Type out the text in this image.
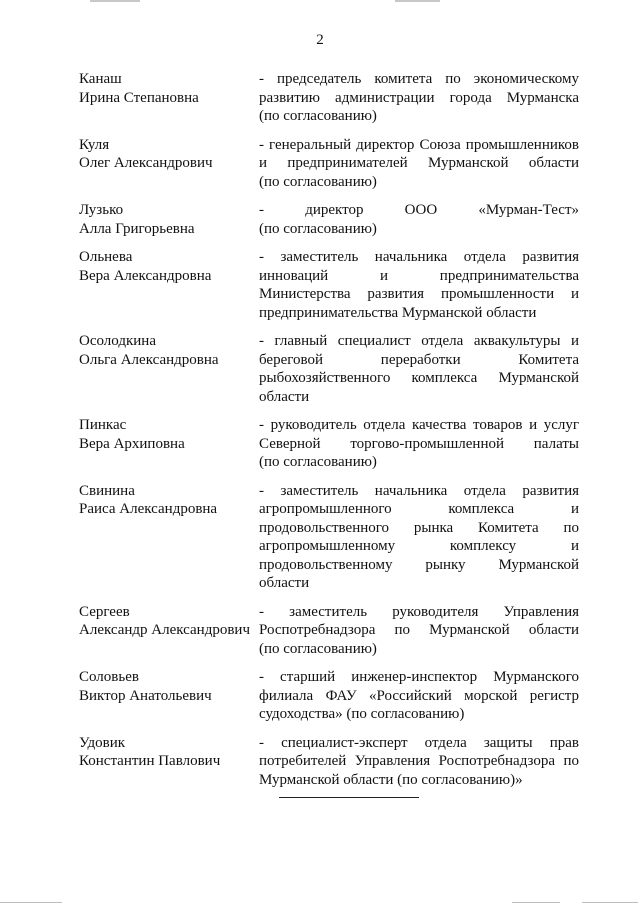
2
Канаш
Ирина Степановна
- председатель комитета по экономическому
развитию администрации города Мурманска
(по согласованию)
Куля
Олег Александрович
- генеральный директор Союза промышленников
и предпринимателей Мурманской области
(по согласованию)
Лузько
Алла Григорьевна
- директор ООО «Мурман-Тест»
(по согласованию)
Ольнева
Вера Александровна
- заместитель начальника отдела развития
инноваций и предпринимательства
Министерства развития промышленности и
предпринимательства Мурманской области
Осолодкина
Ольга Александровна
- главный специалист отдела аквакультуры и
береговой переработки Комитета
рыбохозяйственного комплекса Мурманской
области
Пинкас
Вера Архиповна
- руководитель отдела качества товаров и услуг
Северной торгово-промышленной палаты
(по согласованию)
Свинина
Раиса Александровна
- заместитель начальника отдела развития
агропромышленного комплекса и
продовольственного рынка Комитета по
агропромышленному комплексу и
продовольственному рынку Мурманской
области
Сергеев
Александр Александрович
- заместитель руководителя Управления
Роспотребнадзора по Мурманской области
(по согласованию)
Соловьев
Виктор Анатольевич
- старший инженер-инспектор Мурманского
филиала ФАУ «Российский морской регистр
судоходства» (по согласованию)
Удовик
Константин Павлович
- специалист-эксперт отдела защиты прав
потребителей Управления Роспотребнадзора по
Мурманской области (по согласованию)»
